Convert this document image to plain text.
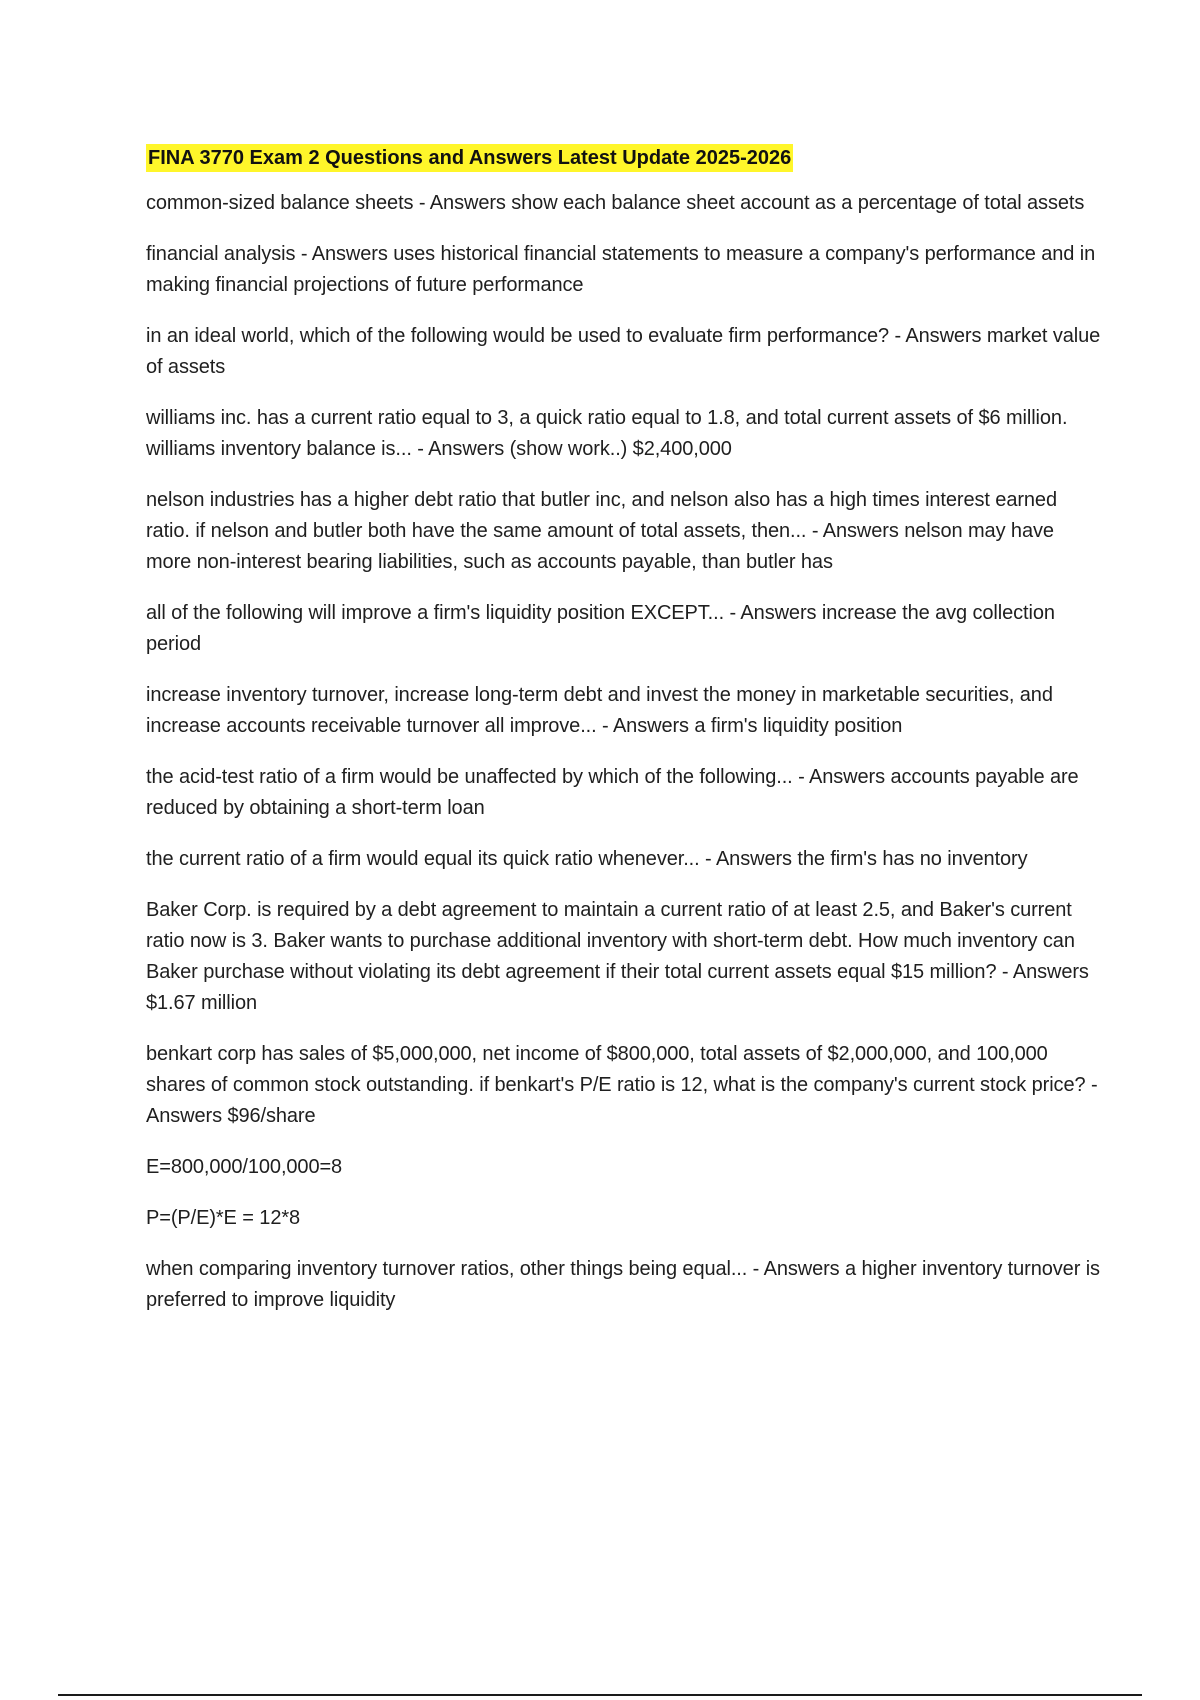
FINA 3770 Exam 2 Questions and Answers Latest Update 2025-2026

common-sized balance sheets - Answers show each balance sheet account as a percentage of total assets

financial analysis - Answers uses historical financial statements to measure a company's performance and in making financial projections of future performance

in an ideal world, which of the following would be used to evaluate firm performance? - Answers market value of assets

williams inc. has a current ratio equal to 3, a quick ratio equal to 1.8, and total current assets of $6 million. williams inventory balance is... - Answers (show work..) $2,400,000

nelson industries has a higher debt ratio that butler inc, and nelson also has a high times interest earned ratio. if nelson and butler both have the same amount of total assets, then... - Answers nelson may have more non-interest bearing liabilities, such as accounts payable, than butler has

all of the following will improve a firm's liquidity position EXCEPT... - Answers increase the avg collection period

increase inventory turnover, increase long-term debt and invest the money in marketable securities, and increase accounts receivable turnover all improve... - Answers a firm's liquidity position

the acid-test ratio of a firm would be unaffected by which of the following... - Answers accounts payable are reduced by obtaining a short-term loan

the current ratio of a firm would equal its quick ratio whenever... - Answers the firm's has no inventory

Baker Corp. is required by a debt agreement to maintain a current ratio of at least 2.5, and Baker's current ratio now is 3. Baker wants to purchase additional inventory with short-term debt. How much inventory can Baker purchase without violating its debt agreement if their total current assets equal $15 million? - Answers $1.67 million

benkart corp has sales of $5,000,000, net income of $800,000, total assets of $2,000,000, and 100,000 shares of common stock outstanding. if benkart's P/E ratio is 12, what is the company's current stock price? - Answers $96/share

E=800,000/100,000=8

P=(P/E)*E = 12*8

when comparing inventory turnover ratios, other things being equal... - Answers a higher inventory turnover is preferred to improve liquidity
